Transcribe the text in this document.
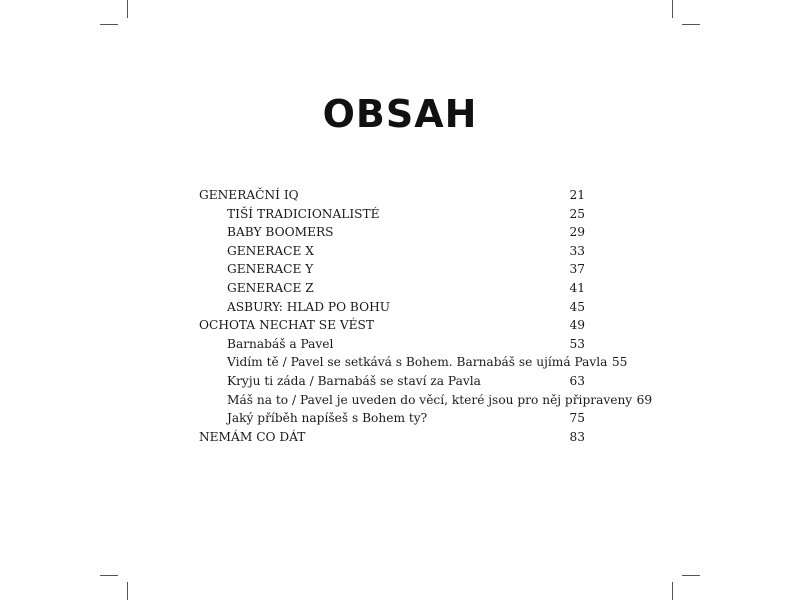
OBSAH
GENERAČNÍ IQ	21
TIŠÍ TRADICIONALISTÉ	25
BABY BOOMERS	29
GENERACE X	33
GENERACE Y	37
GENERACE Z	41
ASBURY: HLAD PO BOHU	45
OCHOTA NECHAT SE VÉST	49
Barnabáš a Pavel	53
Vidím tě / Pavel se setkává s Bohem. Barnabáš se ujímá Pavla 55
Kryju ti záda / Barnabáš se staví za Pavla	63
Máš na to / Pavel je uveden do věcí, které jsou pro něj připraveny 69
Jaký příběh napíšeš s Bohem ty?	75
NEMÁM CO DÁT	83
